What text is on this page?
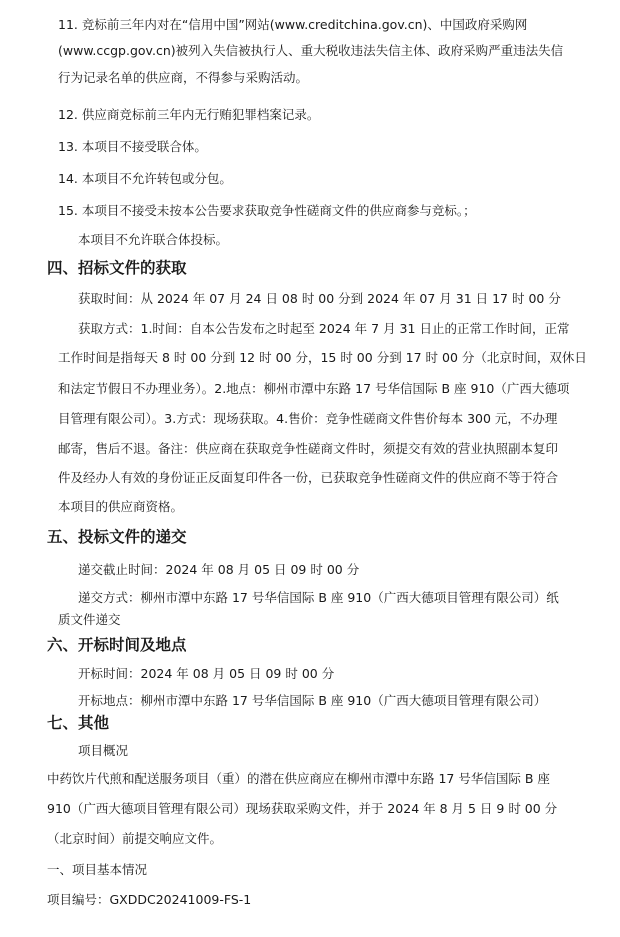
11. 竞标前三年内对在“信用中国”网站(www.creditchina.gov.cn)、中国政府采购网
(www.ccgp.gov.cn)被列入失信被执行人、重大税收违法失信主体、政府采购严重违法失信
行为记录名单的供应商，不得参与采购活动。
12. 供应商竞标前三年内无行贿犯罪档案记录。
13. 本项目不接受联合体。
14. 本项目不允许转包或分包。
15. 本项目不接受未按本公告要求获取竞争性磋商文件的供应商参与竞标。；
本项目不允许联合体投标。
四、招标文件的获取
获取时间：从 2024 年 07 月 24 日 08 时 00 分到 2024 年 07 月 31 日 17 时 00 分
获取方式：1.时间：自本公告发布之时起至 2024 年 7 月 31 日止的正常工作时间，正常
工作时间是指每天 8 时 00 分到 12 时 00 分，15 时 00 分到 17 时 00 分（北京时间，双休日
和法定节假日不办理业务）。2.地点：柳州市潭中东路 17 号华信国际 B 座 910（广西大德项
目管理有限公司）。3.方式：现场获取。4.售价：竞争性磋商文件售价每本 300 元，不办理
邮寄，售后不退。备注：供应商在获取竞争性磋商文件时，须提交有效的营业执照副本复印
件及经办人有效的身份证正反面复印件各一份，已获取竞争性磋商文件的供应商不等于符合
本项目的供应商资格。
五、投标文件的递交
递交截止时间：2024 年 08 月 05 日 09 时 00 分
递交方式：柳州市潭中东路 17 号华信国际 B 座 910（广西大德项目管理有限公司）纸
质文件递交
六、开标时间及地点
开标时间：2024 年 08 月 05 日 09 时 00 分
开标地点：柳州市潭中东路 17 号华信国际 B 座 910（广西大德项目管理有限公司）
七、其他
项目概况
中药饮片代煎和配送服务项目（重）的潜在供应商应在柳州市潭中东路 17 号华信国际 B 座
910（广西大德项目管理有限公司）现场获取采购文件，并于 2024 年 8 月 5 日 9 时 00 分
（北京时间）前提交响应文件。
一、项目基本情况
项目编号：GXDDC20241009-FS-1
